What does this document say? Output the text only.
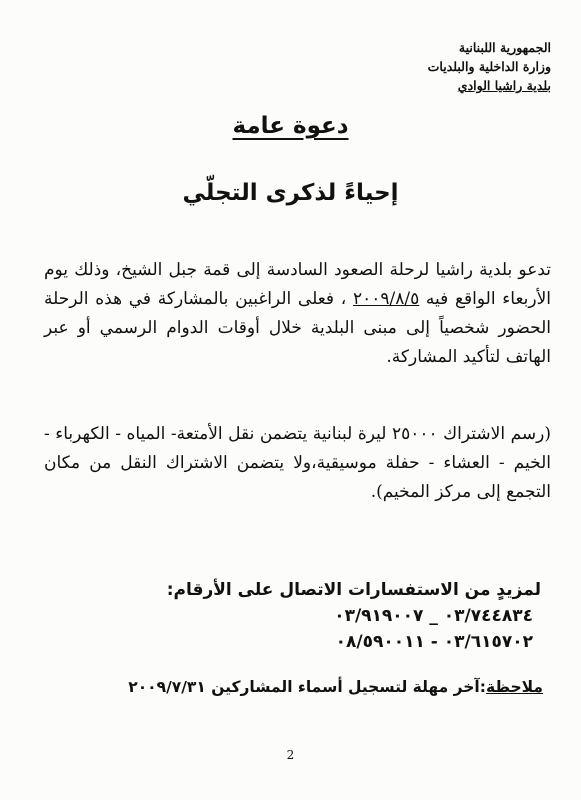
الجمهورية اللبنانية
وزارة الداخلية والبلديات
بلدية راشيا الوادي
دعوة عامة
إحياءً لذكرى التجلّي
تدعو بلدية راشيا لرحلة الصعود السادسة إلى قمة جبل الشيخ، وذلك يوم الأربعاء الواقع فيه ٢٠٠٩/٨/٥ ، فعلى الراغبين بالمشاركة في هذه الرحلة الحضور شخصياً إلى مبنى البلدية خلال أوقات الدوام الرسمي أو عبر الهاتف لتأكيد المشاركة.
(رسم الاشتراك ٢٥٠٠٠ ليرة لبنانية يتضمن نقل الأمتعة- المياه - الكهرباء - الخيم - العشاء - حفلة موسيقية،ولا يتضمن الاشتراك النقل من مكان التجمع إلى مركز المخيم).
لمزيدٍ من الاستفسارات الاتصال على الأرقام:
٠٣/٧٤٤٨٣٤ _ ٠٣/٩١٩٠٠٧
٠٣/٦١٥٧٠٢ - ٠٨/٥٩٠٠١١
ملاحظة:آخر مهلة لتسجيل أسماء المشاركين ٢٠٠٩/٧/٣١
2
